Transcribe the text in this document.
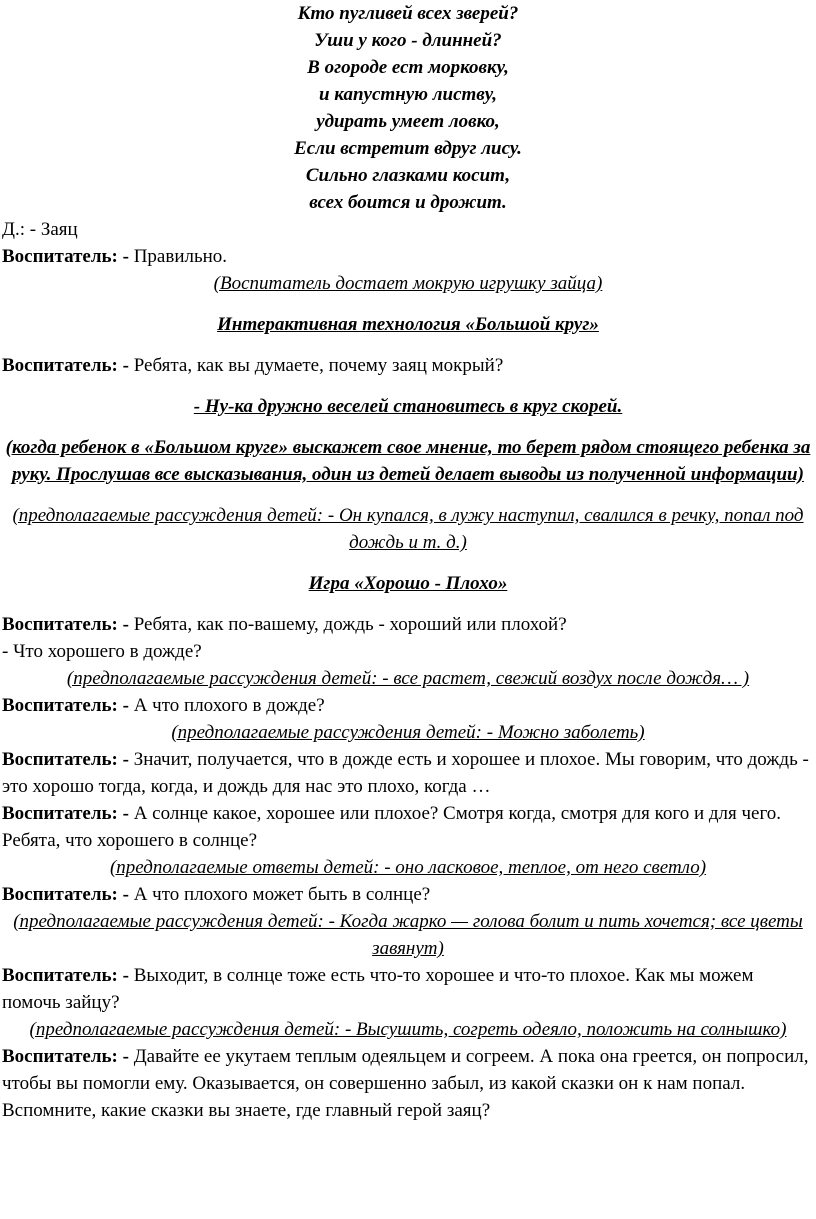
Кто пугливей всех зверей?
Уши у кого - длинней?
В огороде ест морковку,
и капустную листву,
удирать умеет ловко,
Если встретит вдруг лису.
Сильно глазками косит,
всех боится и дрожит.

Д.: - Заяц

Воспитатель: - Правильно.

(Воспитатель достает мокрую игрушку зайца)

Интерактивная технология «Большой круг»

Воспитатель: - Ребята, как вы думаете, почему заяц мокрый?

- Ну-ка дружно веселей становитесь в круг скорей.

(когда ребенок в «Большом круге» выскажет свое мнение, то берет рядом стоящего ребенка за руку. Прослушав все высказывания, один из детей делает выводы из полученной информации)

(предполагаемые рассуждения детей: - Он купался, в лужу наступил, свалился в речку, попал под дождь и т. д.)

Игра «Хорошо - Плохо»

Воспитатель: - Ребята, как по-вашему, дождь - хороший или плохой?

- Что хорошего в дожде?

(предполагаемые рассуждения детей: - все растет, свежий воздух после дождя… )

Воспитатель: - А что плохого в дожде?

(предполагаемые рассуждения детей: - Можно заболеть)

Воспитатель: - Значит, получается, что в дожде есть и хорошее и плохое. Мы говорим, что дождь - это хорошо тогда, когда, и дождь для нас это плохо, когда …

Воспитатель: - А солнце какое, хорошее или плохое? Смотря когда, смотря для кого и для чего. Ребята, что хорошего в солнце?

(предполагаемые ответы детей: - оно ласковое, теплое, от него светло)

Воспитатель: - А что плохого может быть в солнце?

(предполагаемые рассуждения детей: - Когда жарко — голова болит и пить хочется; все цветы завянут)

Воспитатель: - Выходит, в солнце тоже есть что-то хорошее и что-то плохое. Как мы можем помочь зайцу?

(предполагаемые рассуждения детей: - Высушить, согреть одеяло, положить на солнышко)

Воспитатель: - Давайте ее укутаем теплым одеяльцем и согреем. А пока она греется, он попросил, чтобы вы помогли ему. Оказывается, он совершенно забыл, из какой сказки он к нам попал. Вспомните, какие сказки вы знаете, где главный герой заяц?
